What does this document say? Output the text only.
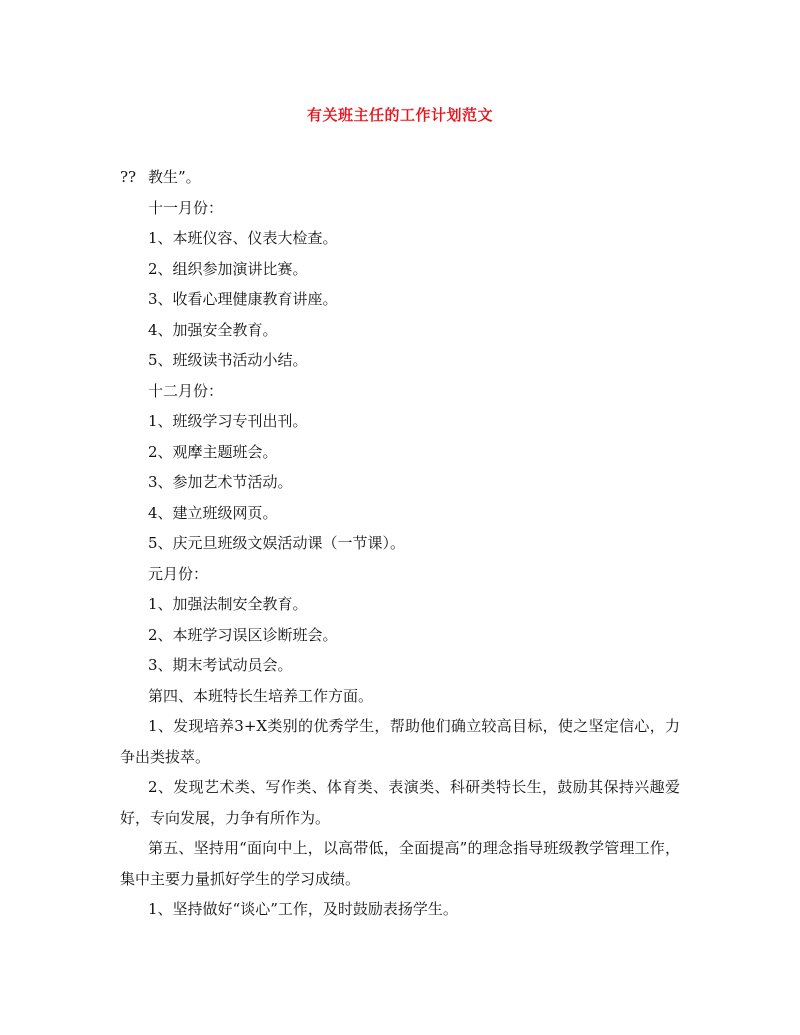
有关班主任的工作计划范文
?? 教生”。
十一月份：
1、本班仪容、仪表大检查。
2、组织参加演讲比赛。
3、收看心理健康教育讲座。
4、加强安全教育。
5、班级读书活动小结。
十二月份：
1、班级学习专刊出刊。
2、观摩主题班会。
3、参加艺术节活动。
4、建立班级网页。
5、庆元旦班级文娱活动课（一节课）。
元月份：
1、加强法制安全教育。
2、本班学习误区诊断班会。
3、期末考试动员会。
第四、本班特长生培养工作方面。
1、发现培养3+X类别的优秀学生，帮助他们确立较高目标，使之坚定信心，力争出类拔萃。
2、发现艺术类、写作类、体育类、表演类、科研类特长生，鼓励其保持兴趣爱好，专向发展，力争有所作为。
第五、坚持用“面向中上，以高带低，全面提高”的理念指导班级教学管理工作，集中主要力量抓好学生的学习成绩。
1、坚持做好“谈心”工作，及时鼓励表扬学生。
